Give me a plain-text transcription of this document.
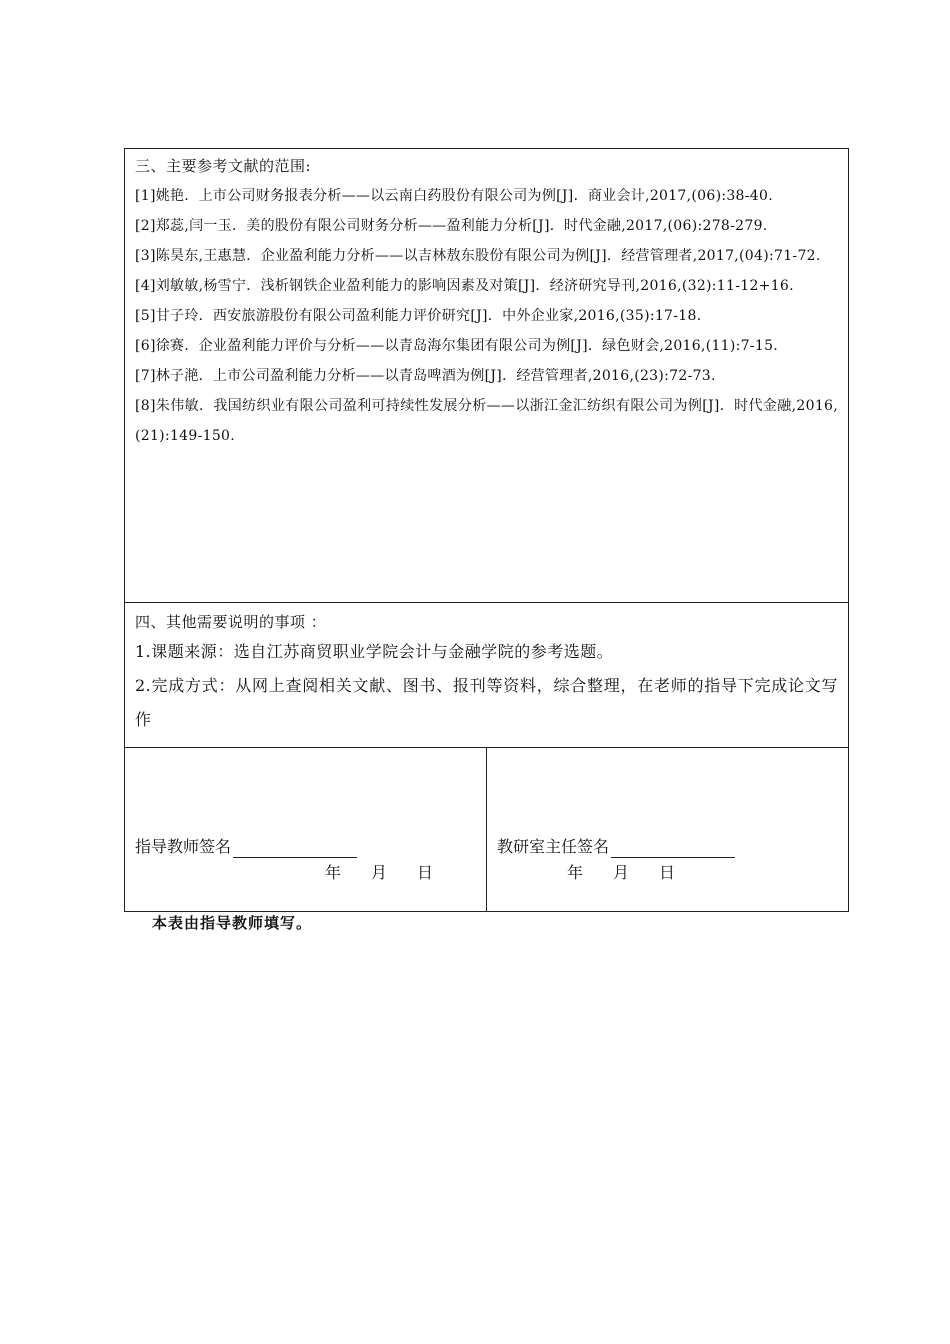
三、主要参考文献的范围:
[1]姚艳．上市公司财务报表分析——以云南白药股份有限公司为例[J]．商业会计,2017,(06):38-40.
[2]郑蕊,闫一玉．美的股份有限公司财务分析——盈利能力分析[J]．时代金融,2017,(06):278-279.
[3]陈昊东,王惠慧．企业盈利能力分析——以吉林敖东股份有限公司为例[J]．经营管理者,2017,(04):71-72.
[4]刘敏敏,杨雪宁．浅析钢铁企业盈利能力的影响因素及对策[J]．经济研究导刊,2016,(32):11-12+16.
[5]甘子玲．西安旅游股份有限公司盈利能力评价研究[J]．中外企业家,2016,(35):17-18.
[6]徐赛．企业盈利能力评价与分析——以青岛海尔集团有限公司为例[J]．绿色财会,2016,(11):7-15.
[7]林子滟．上市公司盈利能力分析——以青岛啤酒为例[J]．经营管理者,2016,(23):72-73.
[8]朱伟敏．我国纺织业有限公司盈利可持续性发展分析——以浙江金汇纺织有限公司为例[J]．时代金融,2016,(21):149-150.
四、其他需要说明的事项 ：
1.课题来源：选自江苏商贸职业学院会计与金融学院的参考选题。
2.完成方式：从网上查阅相关文献、图书、报刊等资料，综合整理，在老师的指导下完成论文写作
指导教师签名
年 月 日
教研室主任签名
年 月 日
本表由指导教师填写。
